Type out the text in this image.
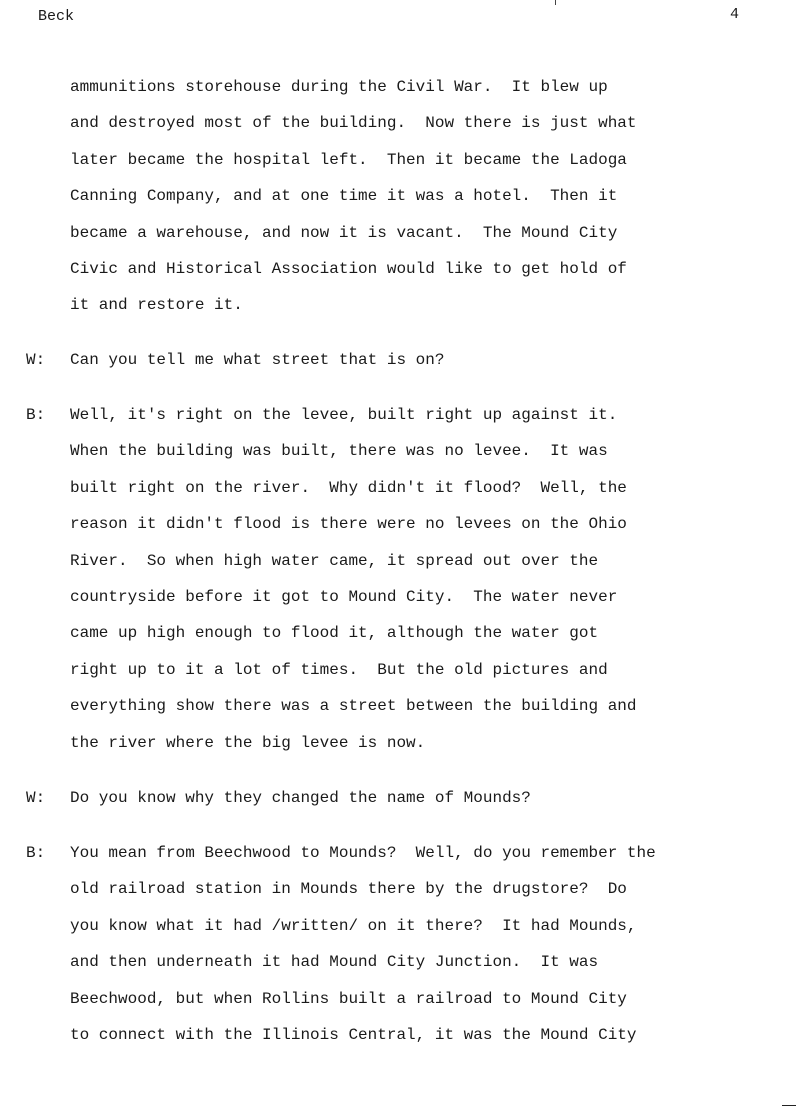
Beck	4
ammunitions storehouse during the Civil War.  It blew up
and destroyed most of the building.  Now there is just what
later became the hospital left.  Then it became the Ladoga
Canning Company, and at one time it was a hotel.  Then it
became a warehouse, and now it is vacant.  The Mound City
Civic and Historical Association would like to get hold of
it and restore it.
W: Can you tell me what street that is on?
B: Well, it's right on the levee, built right up against it.
When the building was built, there was no levee.  It was
built right on the river.  Why didn't it flood?  Well, the
reason it didn't flood is there were no levees on the Ohio
River.  So when high water came, it spread out over the
countryside before it got to Mound City.  The water never
came up high enough to flood it, although the water got
right up to it a lot of times.  But the old pictures and
everything show there was a street between the building and
the river where the big levee is now.
W: Do you know why they changed the name of Mounds?
B: You mean from Beechwood to Mounds?  Well, do you remember the
old railroad station in Mounds there by the drugstore?  Do
you know what it had /written/ on it there?  It had Mounds,
and then underneath it had Mound City Junction.  It was
Beechwood, but when Rollins built a railroad to Mound City
to connect with the Illinois Central, it was the Mound City
